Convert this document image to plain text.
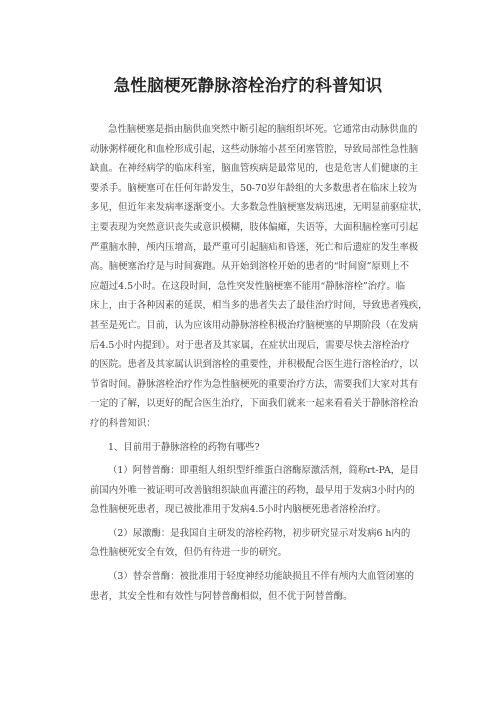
急性脑梗死静脉溶栓治疗的科普知识
急性脑梗塞是指由脑供血突然中断引起的脑组织坏死。它通常由动脉供血的
动脉粥样硬化和血栓形成引起，这些动脉缩小甚至闭塞管腔，导致局部性急性脑
缺血。在神经病学的临床科室，脑血管疾病是最常见的，也是危害人们健康的主
要杀手。脑梗塞可在任何年龄发生，50-70岁年龄组的大多数患者在临床上较为
多见，但近年来发病率逐渐变小。大多数急性脑梗塞发病迅速，无明显前驱症状，
主要表现为突然意识丧失或意识模糊，肢体偏瘫，失语等，大面积脑栓塞可引起
严重脑水肿，颅内压增高，最严重可引起脑疝和昏迷，死亡和后遗症的发生率极
高。脑梗塞治疗是与时间赛跑。从开始到溶栓开始的患者的“时间窗”原则上不
应超过4.5小时。在这段时间，急性突发性脑梗塞不能用“静脉溶栓”治疗。临
床上，由于各种因素的延误，相当多的患者失去了最佳治疗时间，导致患者残疾，
甚至是死亡。目前，认为应该用动静脉溶栓积极治疗脑梗塞的早期阶段（在发病
后4.5小时内提到）。对于患者及其家属，在症状出现后，需要尽快去溶栓治疗
的医院。患者及其家属认识到溶栓的重要性，并积极配合医生进行溶栓治疗，以
节省时间。静脉溶栓治疗作为急性脑梗死的重要治疗方法，需要我们大家对其有
一定的了解，以更好的配合医生治疗，下面我们就来一起来看看关于静脉溶栓治
疗的科普知识：
1、目前用于静脉溶栓的药物有哪些?
（1）阿替普酶：即重组人组织型纤维蛋白溶酶原激活剂，简称rt-PA，是目
前国内外唯一被证明可改善脑组织缺血再灌注的药物，最早用于发病3小时内的
急性脑梗死患者，现已被批准用于发病4.5小时内脑梗死患者溶栓治疗。
（2）尿激酶：是我国自主研发的溶栓药物，初步研究显示对发病6 h内的
急性脑梗死安全有效，但仍有待进一步的研究。
（3）替奈普酶：被批准用于轻度神经功能缺损且不伴有颅内大血管闭塞的
患者，其安全性和有效性与阿替普酶相似，但不优于阿替普酶。
